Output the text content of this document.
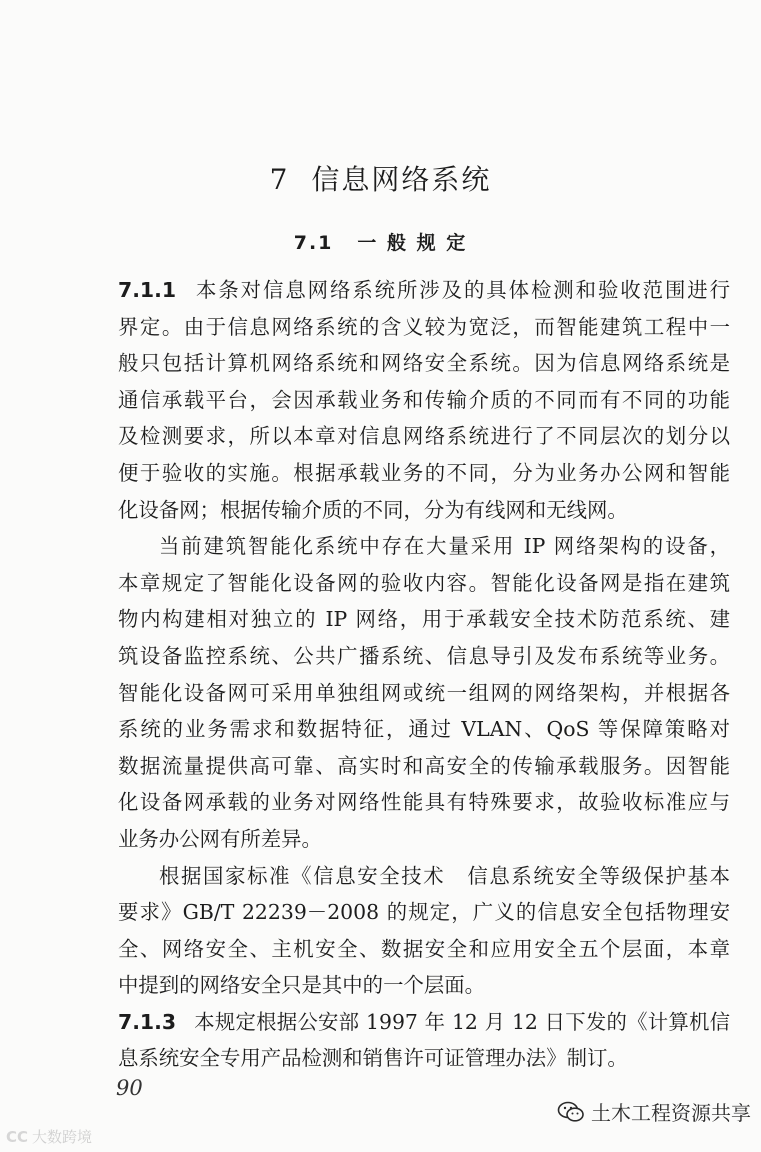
7 信息网络系统
7.1 一 般 规 定
7.1.1 本条对信息网络系统所涉及的具体检测和验收范围进行
界定。由于信息网络系统的含义较为宽泛，而智能建筑工程中一
般只包括计算机网络系统和网络安全系统。因为信息网络系统是
通信承载平台，会因承载业务和传输介质的不同而有不同的功能
及检测要求，所以本章对信息网络系统进行了不同层次的划分以
便于验收的实施。根据承载业务的不同，分为业务办公网和智能
化设备网；根据传输介质的不同，分为有线网和无线网。
当前建筑智能化系统中存在大量采用 IP 网络架构的设备，
本章规定了智能化设备网的验收内容。智能化设备网是指在建筑
物内构建相对独立的 IP 网络，用于承载安全技术防范系统、建
筑设备监控系统、公共广播系统、信息导引及发布系统等业务。
智能化设备网可采用单独组网或统一组网的网络架构，并根据各
系统的业务需求和数据特征，通过 VLAN、QoS 等保障策略对
数据流量提供高可靠、高实时和高安全的传输承载服务。因智能
化设备网承载的业务对网络性能具有特殊要求，故验收标准应与
业务办公网有所差异。
根据国家标准《信息安全技术　信息系统安全等级保护基本
要求》GB/T 22239－2008 的规定，广义的信息安全包括物理安
全、网络安全、主机安全、数据安全和应用安全五个层面，本章
中提到的网络安全只是其中的一个层面。
7.1.3 本规定根据公安部 1997 年 12 月 12 日下发的《计算机信
息系统安全专用产品检测和销售许可证管理办法》制订。
90
土木工程资源共享
CC 大数跨境
